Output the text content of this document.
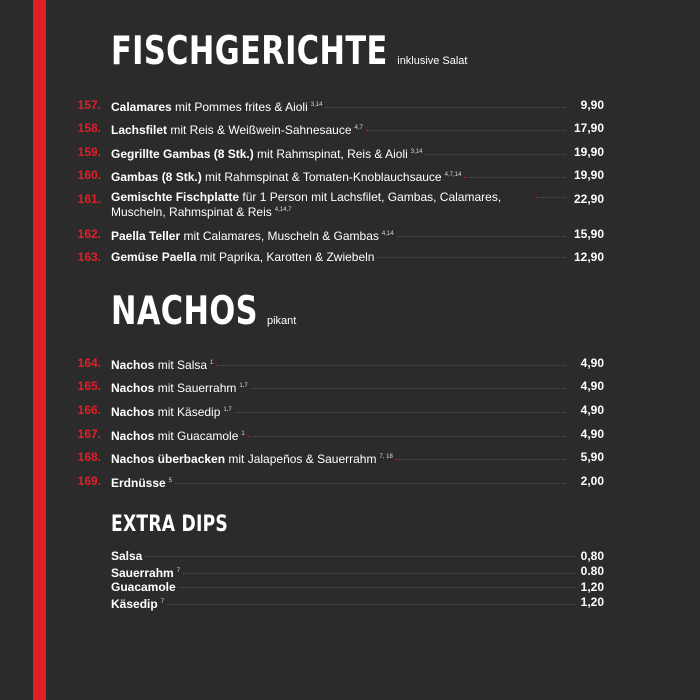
FISCHGERICHTE inklusive Salat
157. Calamares mit Pommes frites & Aioli $^{3,14}$	9,90
158. Lachsfilet mit Reis & Weißwein-Sahnesauce $^{4,7}$	17,90
159. Gegrillte Gambas (8 Stk.) mit Rahmspinat, Reis & Aioli $^{3,14}$	19,90
160. Gambas (8 Stk.) mit Rahmspinat & Tomaten-Knoblauchsauce $^{4,7,14}$	19,90
161. Gemischte Fischplatte für 1 Person mit Lachsfilet, Gambas, Calamares,
Muscheln, Rahmspinat & Reis $^{4,14,7}$
22,90
162. Paella Teller mit Calamares, Muscheln & Gambas $^{4,14}$	15,90
163. Gemüse Paella mit Paprika, Karotten & Zwiebeln	12,90
NACHOS pikant
164. Nachos mit Salsa $^1$	4,90
165. Nachos mit Sauerrahm $^{1,7}$	4,90
166. Nachos mit Käsedip $^{1,7}$	4,90
167. Nachos mit Guacamole $^1$	4,90
168. Nachos überbacken mit Jalapeños & Sauerrahm $^{7, 18}$	5,90
169. Erdnüsse $^5$	2,00
EXTRA DIPS
Salsa	0,80
Sauerrahm $^7$	0.80
Guacamole	1,20
Käsedip $^7$	1,20
